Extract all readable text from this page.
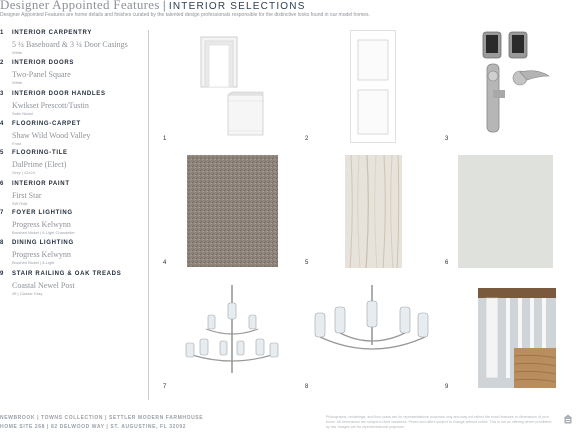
Designer Appointed Features | INTERIOR SELECTIONS
Designer Appointed Features are home details and finishes curated by the talented design professionals responsible for the distinctive looks found in our model homes.
1 INTERIOR CARPENTRY
5 ¼ Baseboard & 3 ¼ Door Casings
White
2 INTERIOR DOORS
Two-Panel Square
White
3 INTERIOR DOOR HANDLES
Kwikset Prescott/Tustin
Satin Nickel
4 FLOORING-CARPET
Shaw Wild Wood Valley
Frost
5 FLOORING-TILE
DalPrime (Elect)
Grey | 12x24
6 INTERIOR PAINT
First Star
SW7646
7 FOYER LIGHTING
Progress Kelwynn
Brushed Nickel | 9-Light Chandelier
8 DINING LIGHTING
Progress Kelwynn
Brushed Nickel | 5-Light
9 STAIR RAILING & OAK TREADS
Coastal Newel Post
2ft | Classic Gray
1	2	3
4	5	6
7	8	9
NEWBROOK | TOWNS COLLECTION | SETTLER MODERN FARMHOUSE
HOME SITE 268 | 82 DELWOOD WAY | ST. AUGUSTINE, FL 32092
Photographs, renderings, and floor plans are for representational purposes only and may not reflect the exact features or dimensions of your home. All dimensions are subject to field variations. Prices and offers subject to change without notice. This is not an offering where prohibited by law. Images are for representational purposes.
